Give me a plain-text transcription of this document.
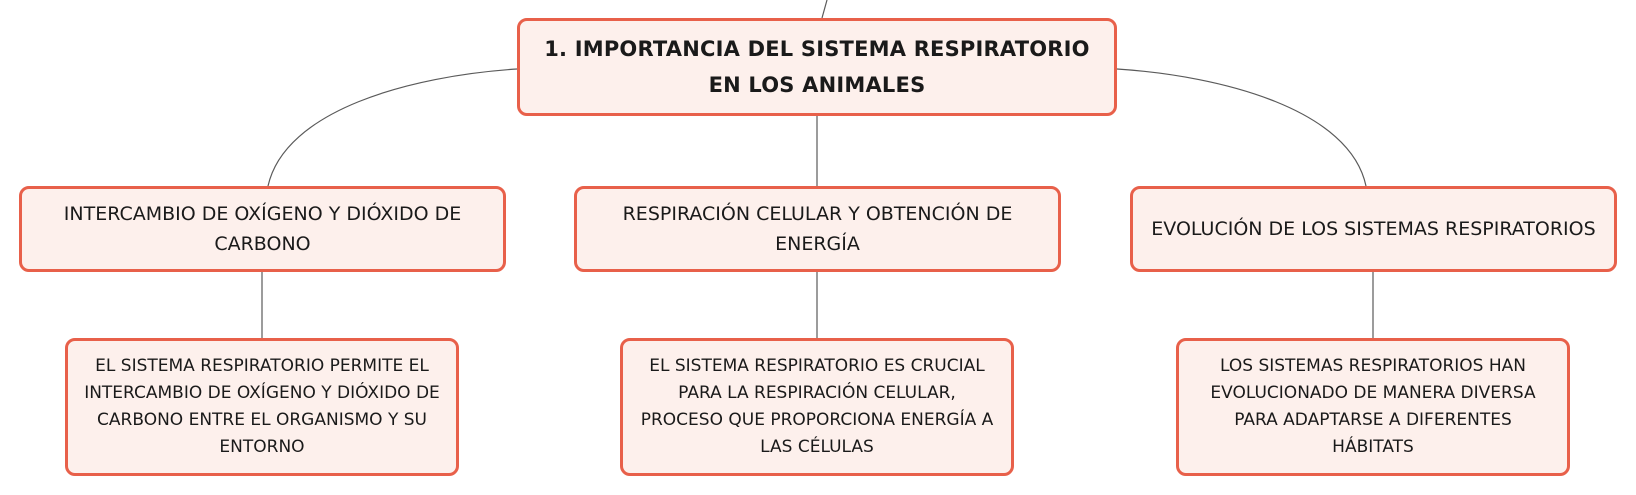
1. IMPORTANCIA DEL SISTEMA RESPIRATORIO EN LOS ANIMALES
INTERCAMBIO DE OXÍGENO Y DIÓXIDO DE CARBONO
RESPIRACIÓN CELULAR Y OBTENCIÓN DE ENERGÍA
EVOLUCIÓN DE LOS SISTEMAS RESPIRATORIOS
EL SISTEMA RESPIRATORIO PERMITE EL INTERCAMBIO DE OXÍGENO Y DIÓXIDO DE CARBONO ENTRE EL ORGANISMO Y SU ENTORNO
EL SISTEMA RESPIRATORIO ES CRUCIAL PARA LA RESPIRACIÓN CELULAR, PROCESO QUE PROPORCIONA ENERGÍA A LAS CÉLULAS
LOS SISTEMAS RESPIRATORIOS HAN EVOLUCIONADO DE MANERA DIVERSA PARA ADAPTARSE A DIFERENTES HÁBITATS
